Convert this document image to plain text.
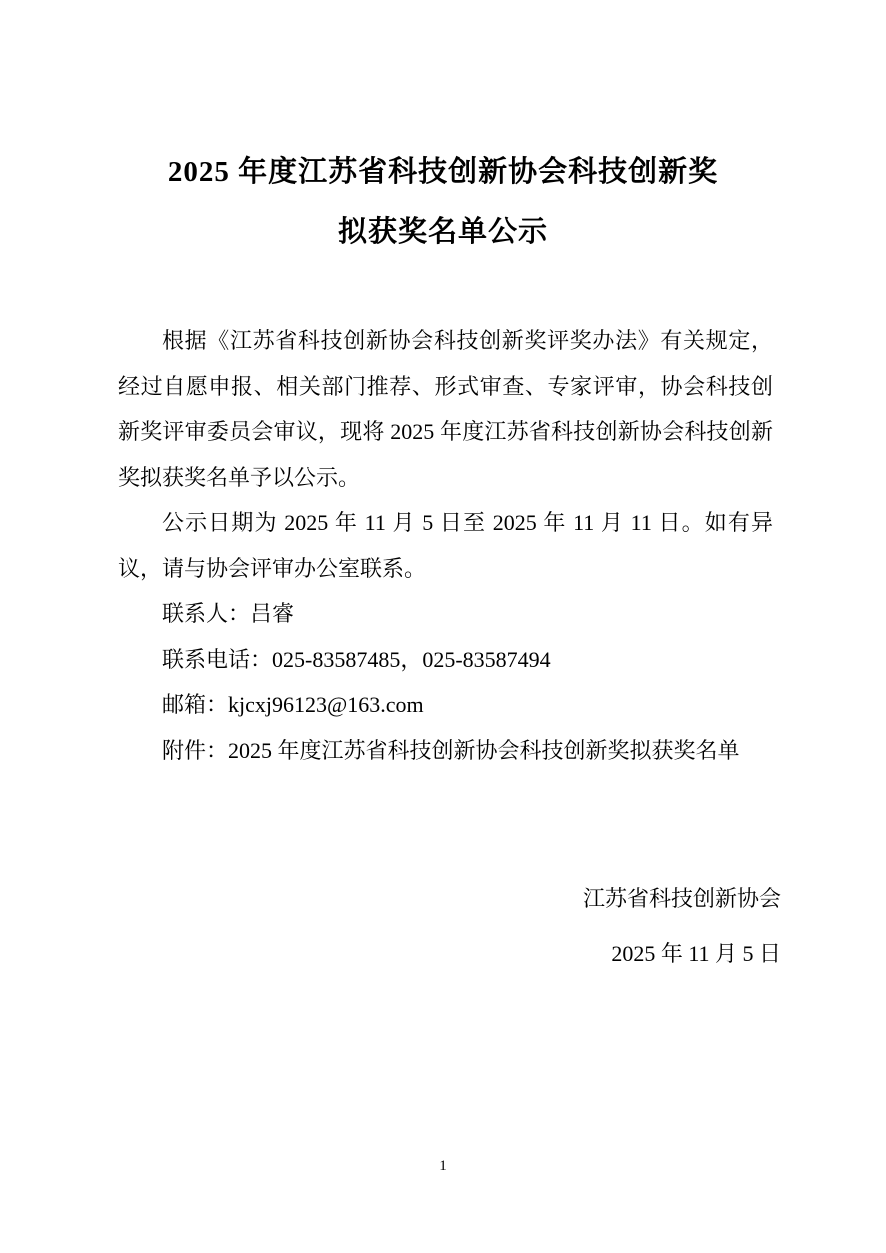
2025 年度江苏省科技创新协会科技创新奖
拟获奖名单公示

根据《江苏省科技创新协会科技创新奖评奖办法》有关规定，经过自愿申报、相关部门推荐、形式审查、专家评审，协会科技创新奖评审委员会审议，现将 2025 年度江苏省科技创新协会科技创新奖拟获奖名单予以公示。

公示日期为 2025 年 11 月 5 日至 2025 年 11 月 11 日。如有异议，请与协会评审办公室联系。

联系人：吕睿

联系电话：025-83587485，025-83587494

邮箱：kjcxj96123@163.com

附件：2025 年度江苏省科技创新协会科技创新奖拟获奖名单

江苏省科技创新协会
2025 年 11 月 5 日
1
